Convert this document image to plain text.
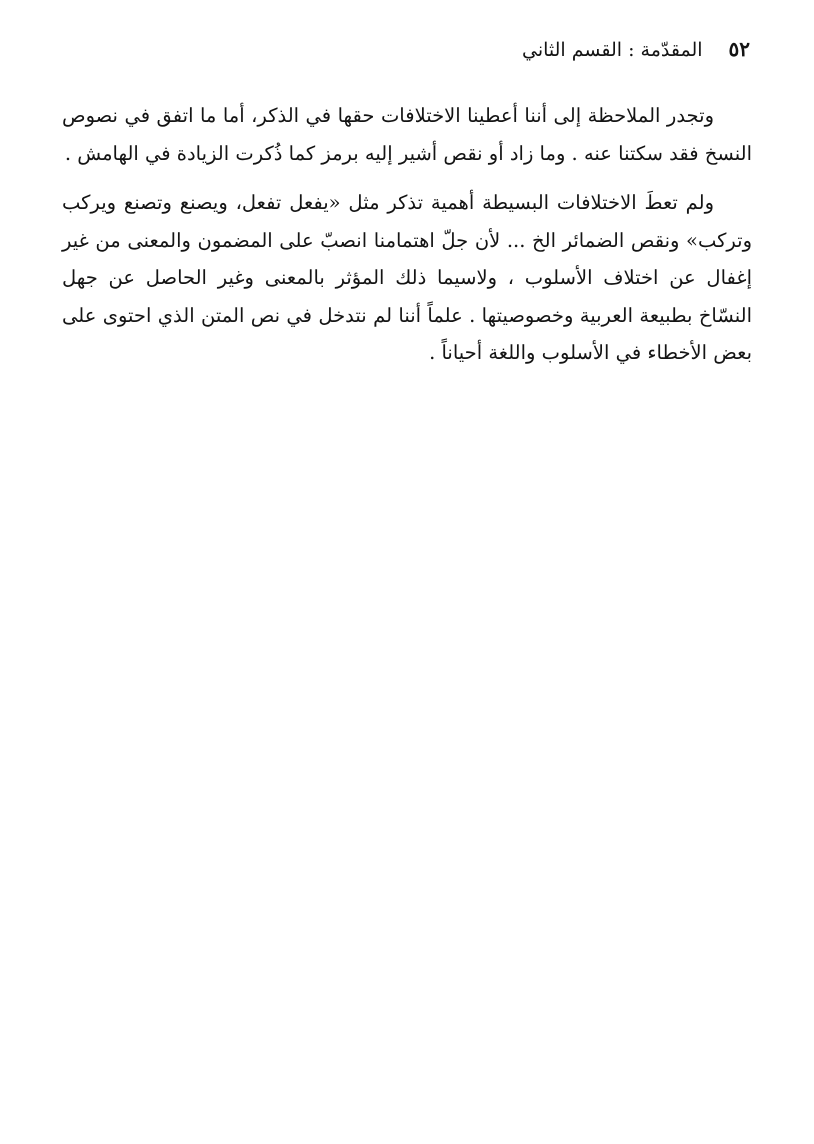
٥٢
المقدّمة : القسم الثاني

وتجدر الملاحظة إلى أننا أعطينا الاختلافات حقها في الذكر، أما ما اتفق في نصوص النسخ فقد سكتنا عنه . وما زاد أو نقص أشير إليه برمز كما ذُكرت الزيادة في الهامش .

ولم تعطَ الاختلافات البسيطة أهمية تذكر مثل «يفعل تفعل، ويصنع وتصنع ويركب وتركب» ونقص الضمائر الخ ... لأن جلّ اهتمامنا انصبّ على المضمون والمعنى من غير إغفال عن اختلاف الأسلوب ، ولاسيما ذلك المؤثر بالمعنى وغير الحاصل عن جهل النسّاخ بطبيعة العربية وخصوصيتها . علماً أننا لم نتدخل في نص المتن الذي احتوى على بعض الأخطاء في الأسلوب واللغة أحياناً .
